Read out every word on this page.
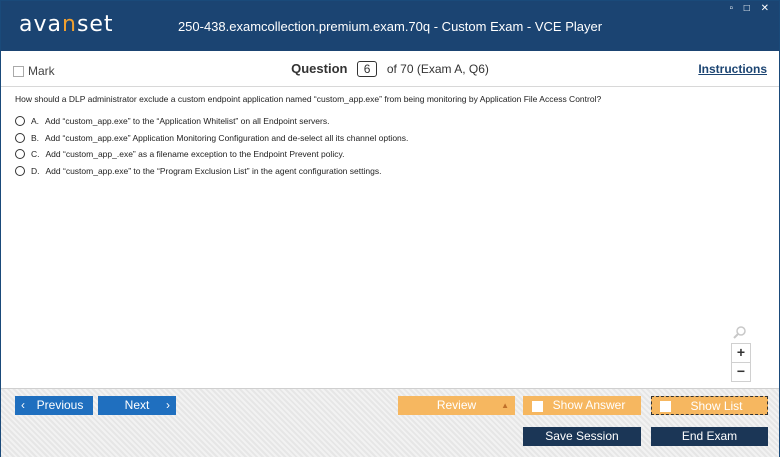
avanset	250-438.examcollection.premium.exam.70q - Custom Exam - VCE Player
▫ □ ✕
Mark	Question 6 of 70 (Exam A, Q6)	Instructions
How should a DLP administrator exclude a custom endpoint application named “custom_app.exe” from being monitoring by Application File Access Control?
A. Add “custom_app.exe” to the “Application Whitelist” on all Endpoint servers.
B. Add “custom_app.exe” Application Monitoring Configuration and de-select all its channel options.
C. Add “custom_app_.exe” as a filename exception to the Endpoint Prevent policy.
D. Add “custom_app.exe” to the “Program Exclusion List” in the agent configuration settings.
+
−
‹ Previous	Next ›	Review	▲	Show Answer	Show List
Save Session	End Exam
